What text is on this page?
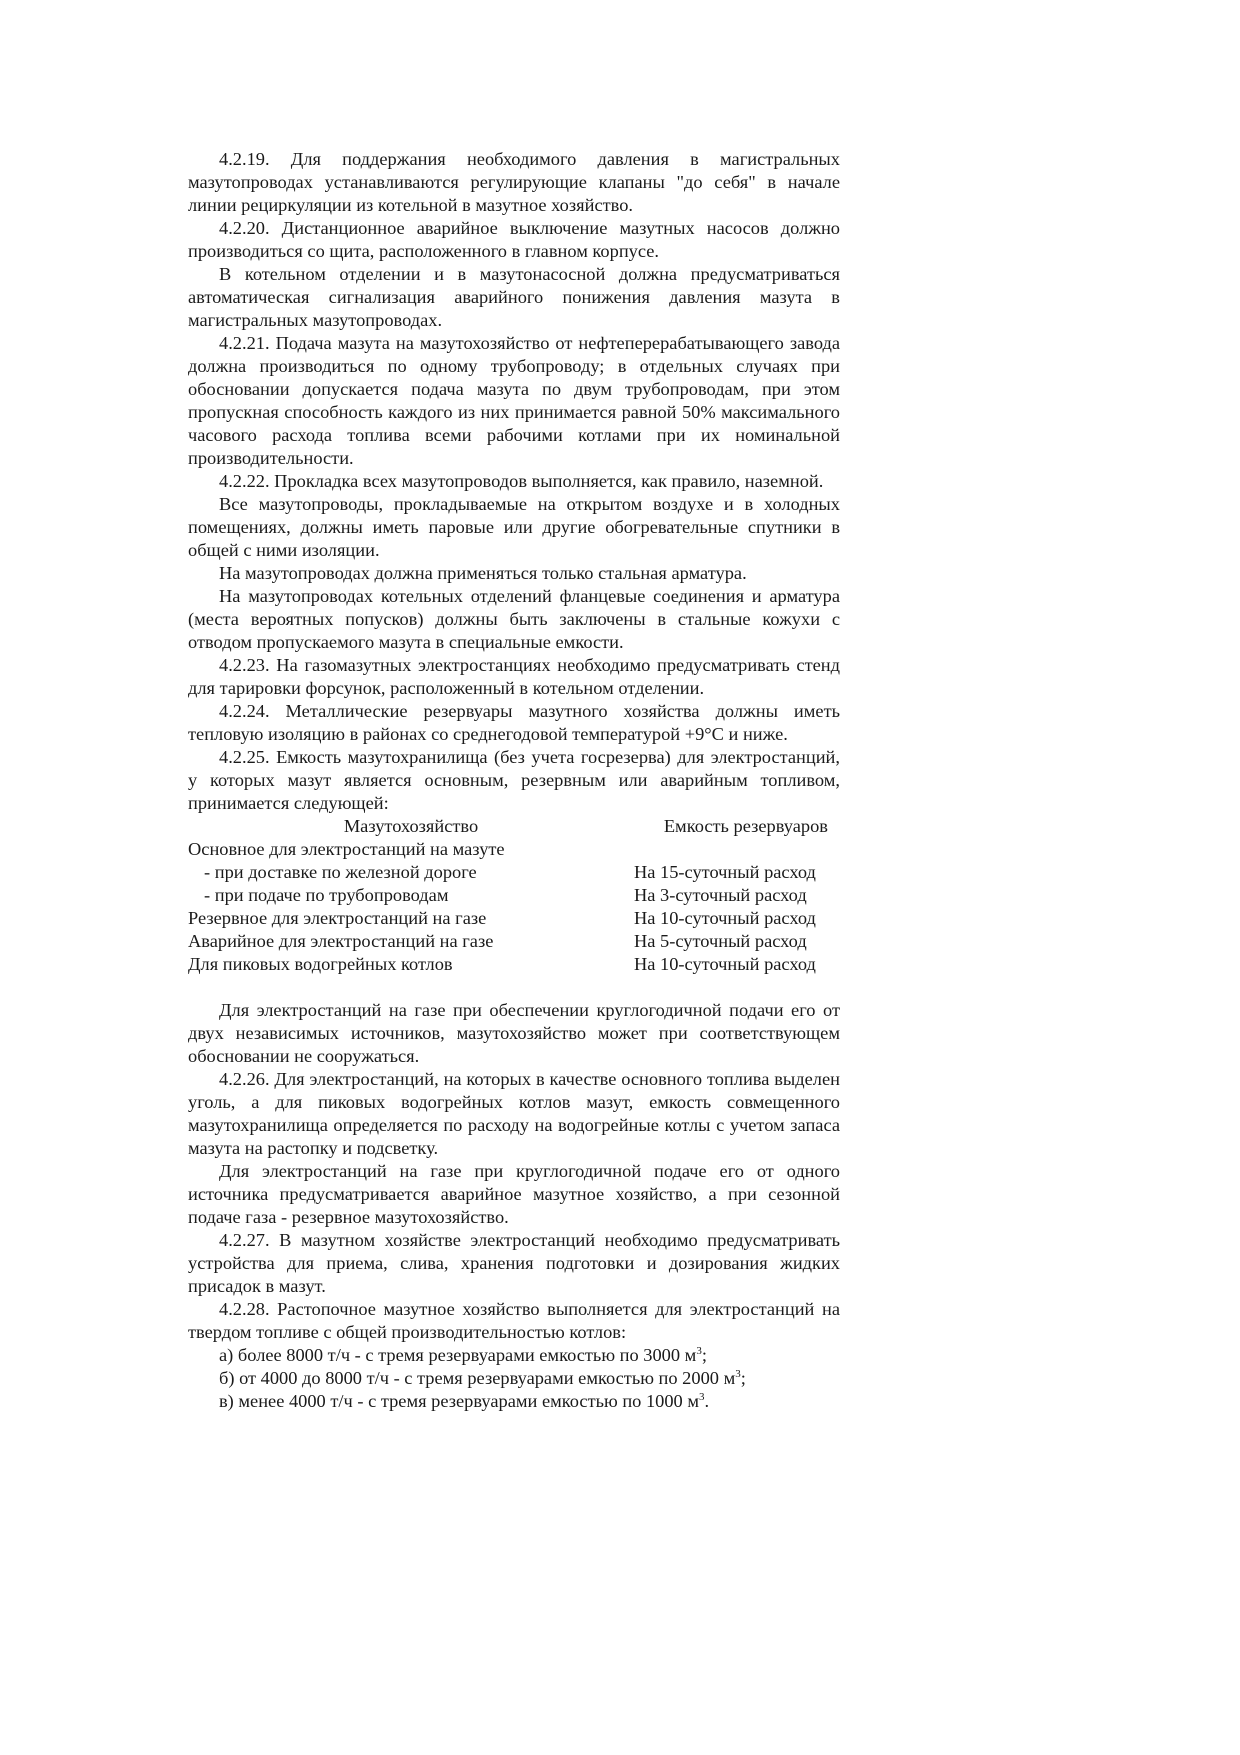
4.2.19. Для поддержания необходимого давления в магистральных мазутопроводах устанавливаются регулирующие клапаны "до себя" в начале линии рециркуляции из котельной в мазутное хозяйство.

4.2.20. Дистанционное аварийное выключение мазутных насосов должно производиться со щита, расположенного в главном корпусе.

В котельном отделении и в мазутонасосной должна предусматриваться автоматическая сигнализация аварийного понижения давления мазута в магистральных мазутопроводах.

4.2.21. Подача мазута на мазутохозяйство от нефтеперерабатывающего завода должна производиться по одному трубопроводу; в отдельных случаях при обосновании допускается подача мазута по двум трубопроводам, при этом пропускная способность каждого из них принимается равной 50% максимального часового расхода топлива всеми рабочими котлами при их номинальной производительности.

4.2.22. Прокладка всех мазутопроводов выполняется, как правило, наземной.

Все мазутопроводы, прокладываемые на открытом воздухе и в холодных помещениях, должны иметь паровые или другие обогревательные спутники в общей с ними изоляции.

На мазутопроводах должна применяться только стальная арматура.

На мазутопроводах котельных отделений фланцевые соединения и арматура (места вероятных попусков) должны быть заключены в стальные кожухи с отводом пропускаемого мазута в специальные емкости.

4.2.23. На газомазутных электростанциях необходимо предусматривать стенд для тарировки форсунок, расположенный в котельном отделении.

4.2.24. Металлические резервуары мазутного хозяйства должны иметь тепловую изоляцию в районах со среднегодовой температурой +9°С и ниже.

4.2.25. Емкость мазутохранилища (без учета госрезерва) для электростанций, у которых мазут является основным, резервным или аварийным топливом, принимается следующей:

Мазутохозяйство	Емкость резервуаров
Основное для электростанций на мазуте	
- при доставке по железной дороге	На 15-суточный расход
- при подаче по трубопроводам	На 3-суточный расход
Резервное для электростанций на газе	На 10-суточный расход
Аварийное для электростанций на газе	На 5-суточный расход
Для пиковых водогрейных котлов	На 10-суточный расход

Для электростанций на газе при обеспечении круглогодичной подачи его от двух независимых источников, мазутохозяйство может при соответствующем обосновании не сооружаться.

4.2.26. Для электростанций, на которых в качестве основного топлива выделен уголь, а для пиковых водогрейных котлов мазут, емкость совмещенного мазутохранилища определяется по расходу на водогрейные котлы с учетом запаса мазута на растопку и подсветку.

Для электростанций на газе при круглогодичной подаче его от одного источника предусматривается аварийное мазутное хозяйство, а при сезонной подаче газа - резервное мазутохозяйство.

4.2.27. В мазутном хозяйстве электростанций необходимо предусматривать устройства для приема, слива, хранения подготовки и дозирования жидких присадок в мазут.

4.2.28. Растопочное мазутное хозяйство выполняется для электростанций на твердом топливе с общей производительностью котлов:

а) более 8000 т/ч - с тремя резервуарами емкостью по 3000 $м^3$;

б) от 4000 до 8000 т/ч - с тремя резервуарами емкостью по 2000 $м^3$;

в) менее 4000 т/ч - с тремя резервуарами емкостью по 1000 $м^3$.
